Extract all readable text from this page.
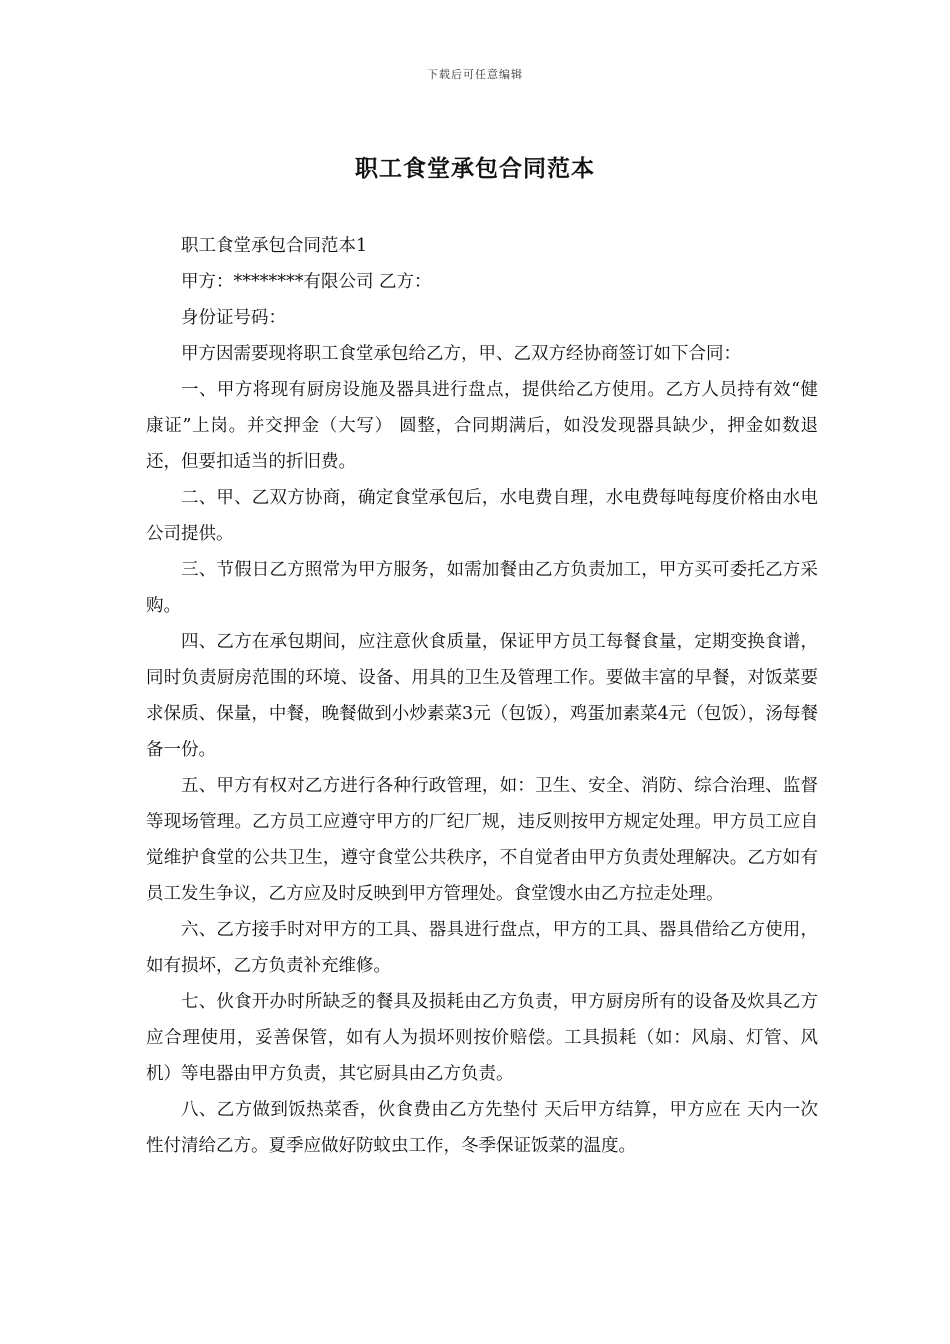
下载后可任意编辑
职工食堂承包合同范本

职工食堂承包合同范本1

甲方：********有限公司 乙方：

身份证号码：

甲方因需要现将职工食堂承包给乙方，甲、乙双方经协商签订如下合同：

一、甲方将现有厨房设施及器具进行盘点，提供给乙方使用。乙方人员持有效“健康证”上岗。并交押金（大写） 圆整，合同期满后，如没发现器具缺少，押金如数退还，但要扣适当的折旧费。

二、甲、乙双方协商，确定食堂承包后，水电费自理，水电费每吨每度价格由水电公司提供。

三、节假日乙方照常为甲方服务，如需加餐由乙方负责加工，甲方买可委托乙方采购。

四、乙方在承包期间，应注意伙食质量，保证甲方员工每餐食量，定期变换食谱，同时负责厨房范围的环境、设备、用具的卫生及管理工作。要做丰富的早餐，对饭菜要求保质、保量，中餐，晚餐做到小炒素菜3元（包饭），鸡蛋加素菜4元（包饭），汤每餐备一份。

五、甲方有权对乙方进行各种行政管理，如：卫生、安全、消防、综合治理、监督等现场管理。乙方员工应遵守甲方的厂纪厂规，违反则按甲方规定处理。甲方员工应自觉维护食堂的公共卫生，遵守食堂公共秩序，不自觉者由甲方负责处理解决。乙方如有员工发生争议，乙方应及时反映到甲方管理处。食堂馊水由乙方拉走处理。

六、乙方接手时对甲方的工具、器具进行盘点，甲方的工具、器具借给乙方使用，如有损坏，乙方负责补充维修。

七、伙食开办时所缺乏的餐具及损耗由乙方负责，甲方厨房所有的设备及炊具乙方应合理使用，妥善保管，如有人为损坏则按价赔偿。工具损耗（如：风扇、灯管、风机）等电器由甲方负责，其它厨具由乙方负责。

八、乙方做到饭热菜香，伙食费由乙方先垫付 天后甲方结算，甲方应在 天内一次性付清给乙方。夏季应做好防蚊虫工作，冬季保证饭菜的温度。
